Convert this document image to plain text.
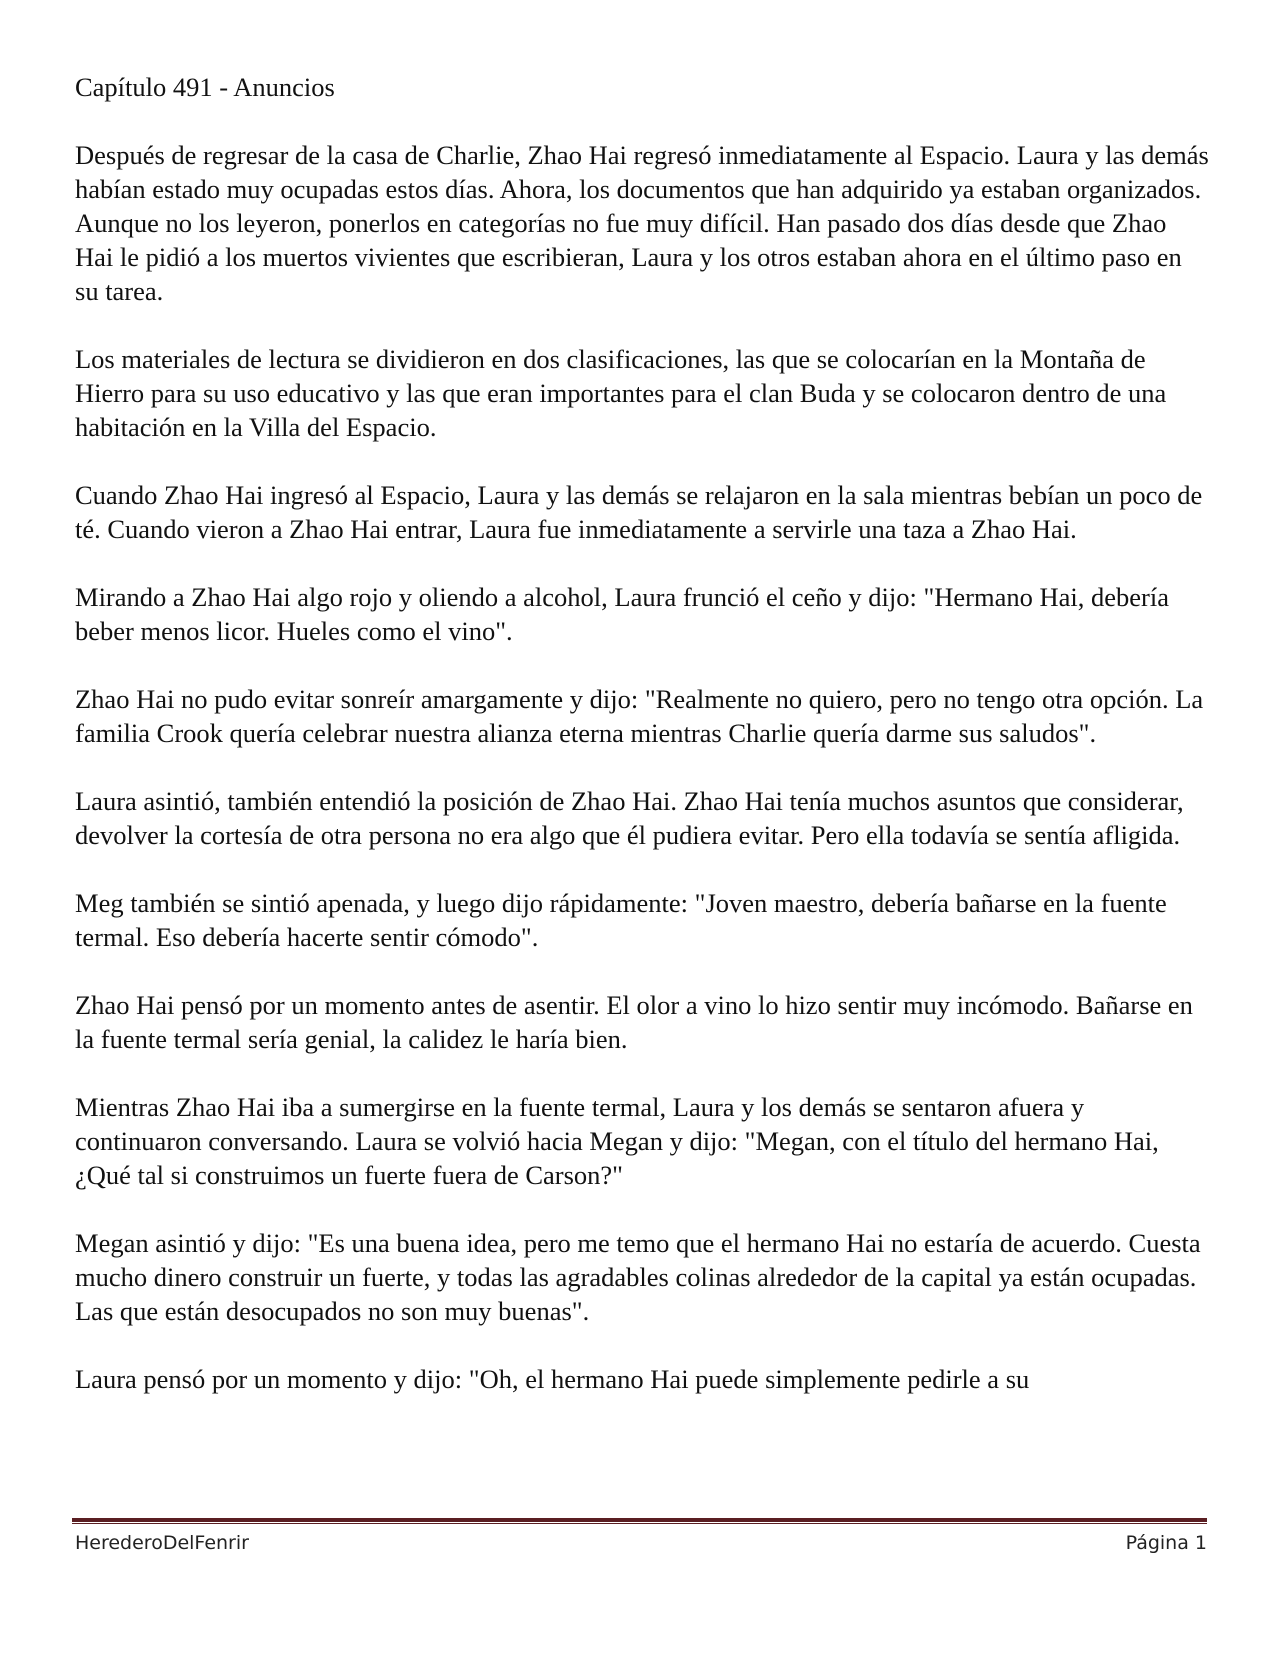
Capítulo 491 - Anuncios

Después de regresar de la casa de Charlie, Zhao Hai regresó inmediatamente al Espacio. Laura y las demás habían estado muy ocupadas estos días. Ahora, los documentos que han adquirido ya estaban organizados. Aunque no los leyeron, ponerlos en categorías no fue muy difícil. Han pasado dos días desde que Zhao Hai le pidió a los muertos vivientes que escribieran, Laura y los otros estaban ahora en el último paso en su tarea.

Los materiales de lectura se dividieron en dos clasificaciones, las que se colocarían en la Montaña de Hierro para su uso educativo y las que eran importantes para el clan Buda y se colocaron dentro de una habitación en la Villa del Espacio.

Cuando Zhao Hai ingresó al Espacio, Laura y las demás se relajaron en la sala mientras bebían un poco de té. Cuando vieron a Zhao Hai entrar, Laura fue inmediatamente a servirle una taza a Zhao Hai.

Mirando a Zhao Hai algo rojo y oliendo a alcohol, Laura frunció el ceño y dijo: "Hermano Hai, debería beber menos licor. Hueles como el vino".

Zhao Hai no pudo evitar sonreír amargamente y dijo: "Realmente no quiero, pero no tengo otra opción. La familia Crook quería celebrar nuestra alianza eterna mientras Charlie quería darme sus saludos".

Laura asintió, también entendió la posición de Zhao Hai. Zhao Hai tenía muchos asuntos que considerar, devolver la cortesía de otra persona no era algo que él pudiera evitar. Pero ella todavía se sentía afligida.

Meg también se sintió apenada, y luego dijo rápidamente: "Joven maestro, debería bañarse en la fuente termal. Eso debería hacerte sentir cómodo".

Zhao Hai pensó por un momento antes de asentir. El olor a vino lo hizo sentir muy incómodo. Bañarse en la fuente termal sería genial, la calidez le haría bien.

Mientras Zhao Hai iba a sumergirse en la fuente termal, Laura y los demás se sentaron afuera y continuaron conversando. Laura se volvió hacia Megan y dijo: "Megan, con el título del hermano Hai, ¿Qué tal si construimos un fuerte fuera de Carson?"

Megan asintió y dijo: "Es una buena idea, pero me temo que el hermano Hai no estaría de acuerdo. Cuesta mucho dinero construir un fuerte, y todas las agradables colinas alrededor de la capital ya están ocupadas. Las que están desocupados no son muy buenas".

Laura pensó por un momento y dijo: "Oh, el hermano Hai puede simplemente pedirle a su

HerederoDelFenrir	Página 1
